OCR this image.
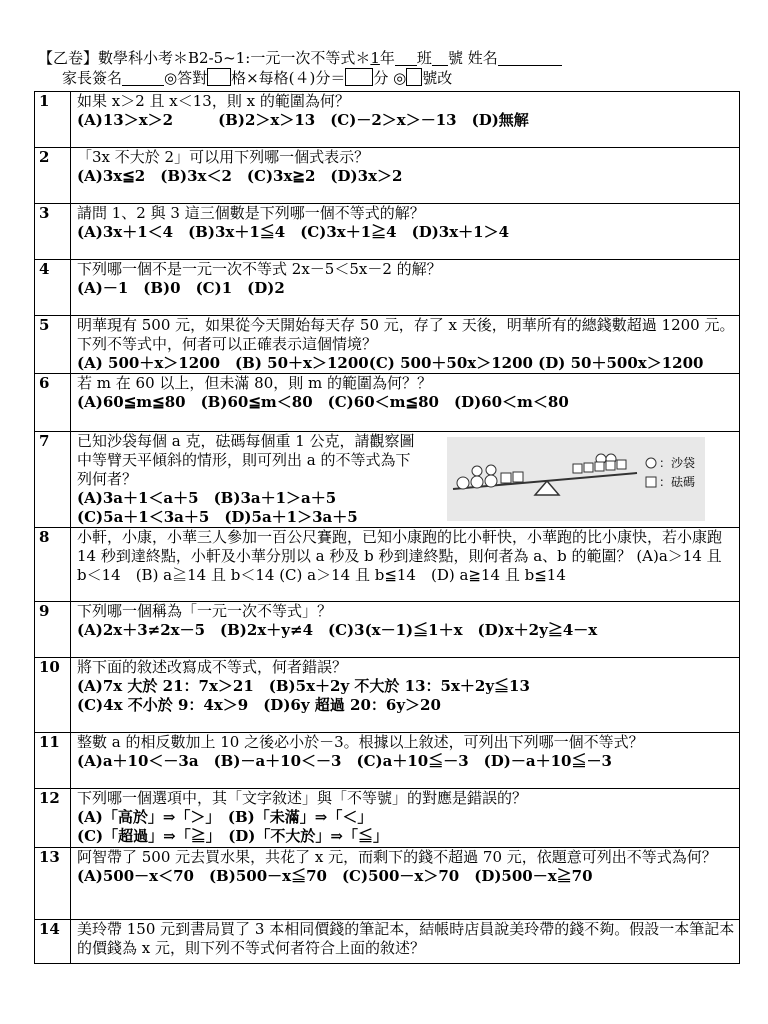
【乙卷】數學科小考＊B2-5~1:一元一次不等式＊1年 班 號 姓名
家長簽名	◎答對 格×每格(４)分＝ 分 ◎ 號改
1	如果 x＞2 且 x＜13，則 x 的範圍為何？
(A)13＞x＞2　　　(B)2＞x＞13　(C)－2＞x＞－13　(D)無解

2	「3x 不大於 2」可以用下列哪一個式表示？
(A)3x≦2　(B)3x＜2　(C)3x≧2　(D)3x＞2

3	請問 1、2 與 3 這三個數是下列哪一個不等式的解？
(A)3x＋1＜4　(B)3x＋1≦4　(C)3x＋1≧4　(D)3x＋1＞4

4	下列哪一個不是一元一次不等式 2x－5＜5x－2 的解？
(A)－1　(B)0　(C)1　(D)2

5	明華現有 500 元，如果從今天開始每天存 50 元，存了 x 天後，明華所有的總錢數超過 1200 元。下列不等式中，何者可以正確表示這個情境？
(A) 500＋x＞1200　(B) 50＋x＞1200(C) 500＋50x＞1200 (D) 50＋500x＞1200

6	若 m 在 60 以上，但未滿 80，則 m 的範圍為何？？
(A)60≦m≦80　(B)60≦m＜80　(C)60＜m≦80　(D)60＜m＜80

7	已知沙袋每個 a 克，砝碼每個重 1 公克，請觀察圖中等臂天平傾斜的情形，則可列出 a 的不等式為下列何者？
(A)3a＋1＜a＋5　(B)3a＋1＞a＋5
(C)5a＋1＜3a＋5　(D)5a＋1＞3a＋5

8	小軒，小康，小華三人參加一百公尺賽跑，已知小康跑的比小軒快，小華跑的比小康快，若小康跑 14 秒到達終點，小軒及小華分別以 a 秒及 b 秒到達終點，則何者為 a、b 的範圍？ (A)a＞14 且 b＜14　(B) a≧14 且 b＜14 (C) a＞14 且 b≦14　(D) a≧14 且 b≦14

9	下列哪一個稱為「一元一次不等式」？
(A)2x＋3≠2x－5　(B)2x＋y≠4　(C)3(x－1)≦1＋x　(D)x＋2y≧4－x

10	將下面的敘述改寫成不等式，何者錯誤？
(A)7x 大於 21：7x＞21　(B)5x＋2y 不大於 13：5x＋2y≦13
(C)4x 不小於 9：4x＞9　(D)6y 超過 20：6y＞20

11	整數 a 的相反數加上 10 之後必小於－3。根據以上敘述，可列出下列哪一個不等式？
(A)a＋10＜－3a　(B)－a＋10＜－3　(C)a＋10≦－3　(D)－a＋10≦－3

12	下列哪一個選項中，其「文字敘述」與「不等號」的對應是錯誤的？
(A)「高於」⇒「＞」　(B)「未滿」⇒「＜」
(C)「超過」⇒「≧」　(D)「不大於」⇒「≦」

13	阿智帶了 500 元去買水果，共花了 x 元，而剩下的錢不超過 70 元，依題意可列出不等式為何？
(A)500－x＜70　(B)500－x≦70　(C)500－x＞70　(D)500－x≧70

14	美玲帶 150 元到書局買了 3 本相同價錢的筆記本，結帳時店員說美玲帶的錢不夠。假設一本筆記本的價錢為 x 元，則下列不等式何者符合上面的敘述？
：沙袋
：砝碼
